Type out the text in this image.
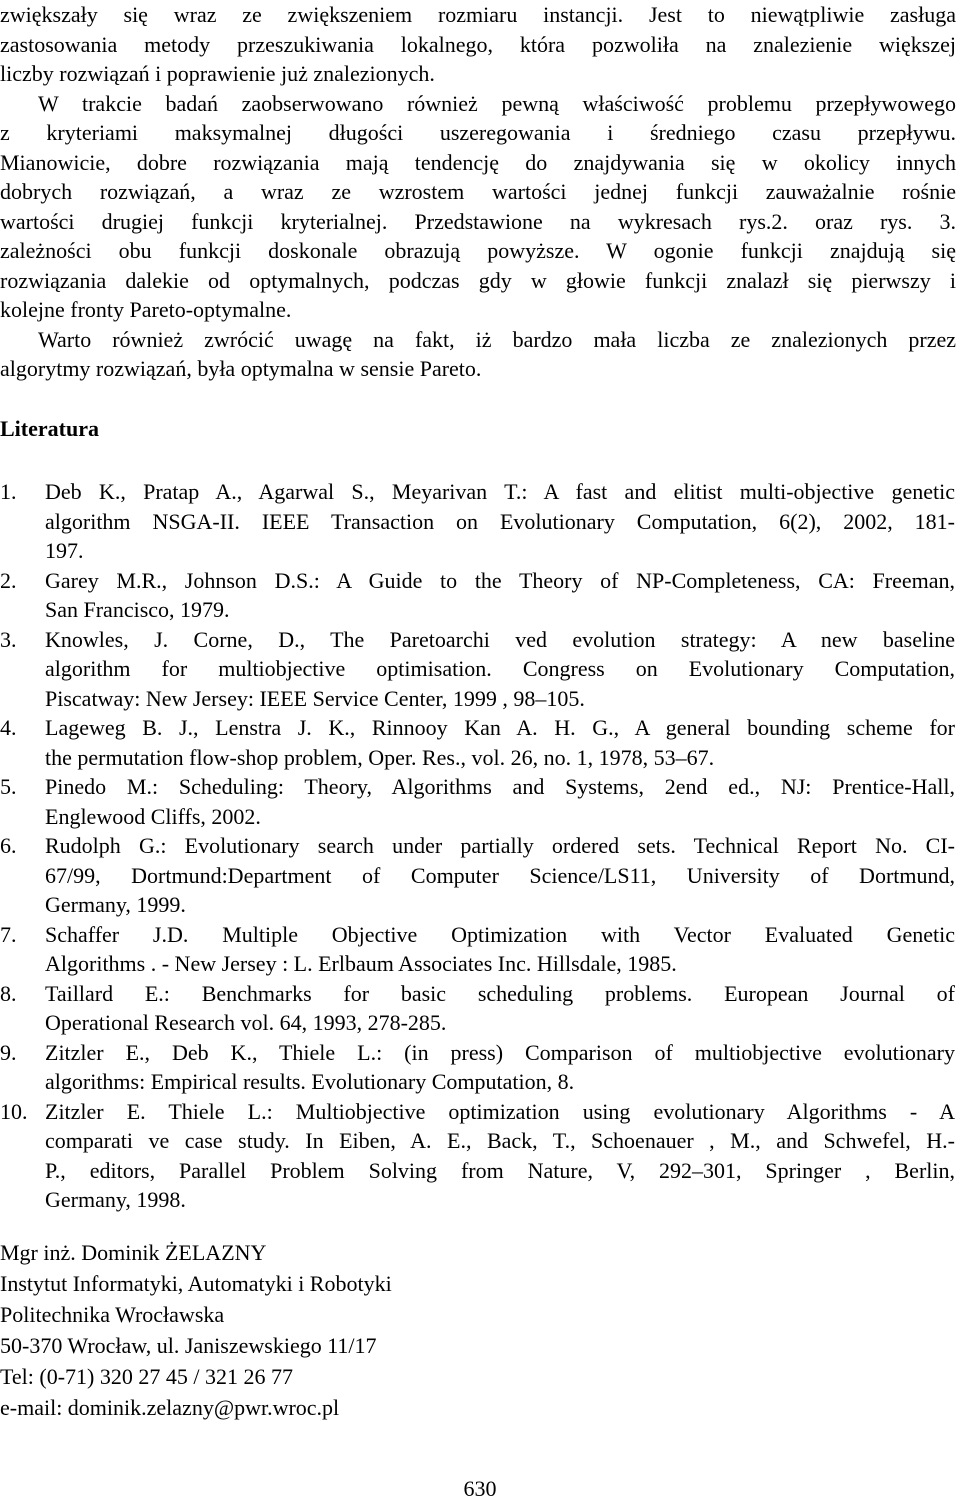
zwiększały się wraz ze zwiększeniem rozmiaru instancji. Jest to niewątpliwie zasługa
zastosowania metody przeszukiwania lokalnego, która pozwoliła na znalezienie większej
liczby rozwiązań i poprawienie już znalezionych.
W trakcie badań zaobserwowano również pewną właściwość problemu przepływowego
z kryteriami maksymalnej długości uszeregowania i średniego czasu przepływu.
Mianowicie, dobre rozwiązania mają tendencję do znajdywania się w okolicy innych
dobrych rozwiązań, a wraz ze wzrostem wartości jednej funkcji zauważalnie rośnie
wartości drugiej funkcji kryterialnej. Przedstawione na wykresach rys.2. oraz rys. 3.
zależności obu funkcji doskonale obrazują powyższe. W ogonie funkcji znajdują się
rozwiązania dalekie od optymalnych, podczas gdy w głowie funkcji znalazł się pierwszy i
kolejne fronty Pareto-optymalne.
Warto również zwrócić uwagę na fakt, iż bardzo mała liczba ze znalezionych przez
algorytmy rozwiązań, była optymalna w sensie Pareto.
Literatura
1.	Deb K., Pratap A., Agarwal S., Meyarivan T.: A fast and elitist multi-objective genetic
algorithm NSGA-II. IEEE Transaction on Evolutionary Computation, 6(2), 2002, 181-
197.
2.	Garey M.R., Johnson D.S.: A Guide to the Theory of NP-Completeness, CA: Freeman,
San Francisco, 1979.
3.	Knowles, J. Corne, D., The Paretoarchi ved evolution strategy: A new baseline
algorithm for multiobjective optimisation. Congress on Evolutionary Computation,
Piscatway: New Jersey: IEEE Service Center, 1999 , 98–105.
4.	Lageweg B. J., Lenstra J. K., Rinnooy Kan A. H. G., A general bounding scheme for
the permutation flow-shop problem, Oper. Res., vol. 26, no. 1, 1978, 53–67.
5.	Pinedo M.: Scheduling: Theory, Algorithms and Systems, 2end ed., NJ: Prentice-Hall,
Englewood Cliffs, 2002.
6.	Rudolph G.: Evolutionary search under partially ordered sets. Technical Report No. CI-
67/99, Dortmund:Department of Computer Science/LS11, University of Dortmund,
Germany, 1999.
7.	Schaffer J.D. Multiple Objective Optimization with Vector Evaluated Genetic
Algorithms . - New Jersey : L. Erlbaum Associates Inc. Hillsdale, 1985.
8.	Taillard E.: Benchmarks for basic scheduling problems. European Journal of
Operational Research vol. 64, 1993, 278-285.
9.	Zitzler E., Deb K., Thiele L.: (in press) Comparison of multiobjective evolutionary
algorithms: Empirical results. Evolutionary Computation, 8.
10. Zitzler E. Thiele L.: Multiobjective optimization using evolutionary Algorithms - A
comparati ve case study. In Eiben, A. E., Back, T., Schoenauer , M., and Schwefel, H.-
P., editors, Parallel Problem Solving from Nature, V, 292–301, Springer , Berlin,
Germany, 1998.
Mgr inż. Dominik ŻELAZNY
Instytut Informatyki, Automatyki i Robotyki
Politechnika Wrocławska
50-370 Wrocław, ul. Janiszewskiego 11/17
Tel: (0-71) 320 27 45 / 321 26 77
e-mail: dominik.zelazny@pwr.wroc.pl
630
